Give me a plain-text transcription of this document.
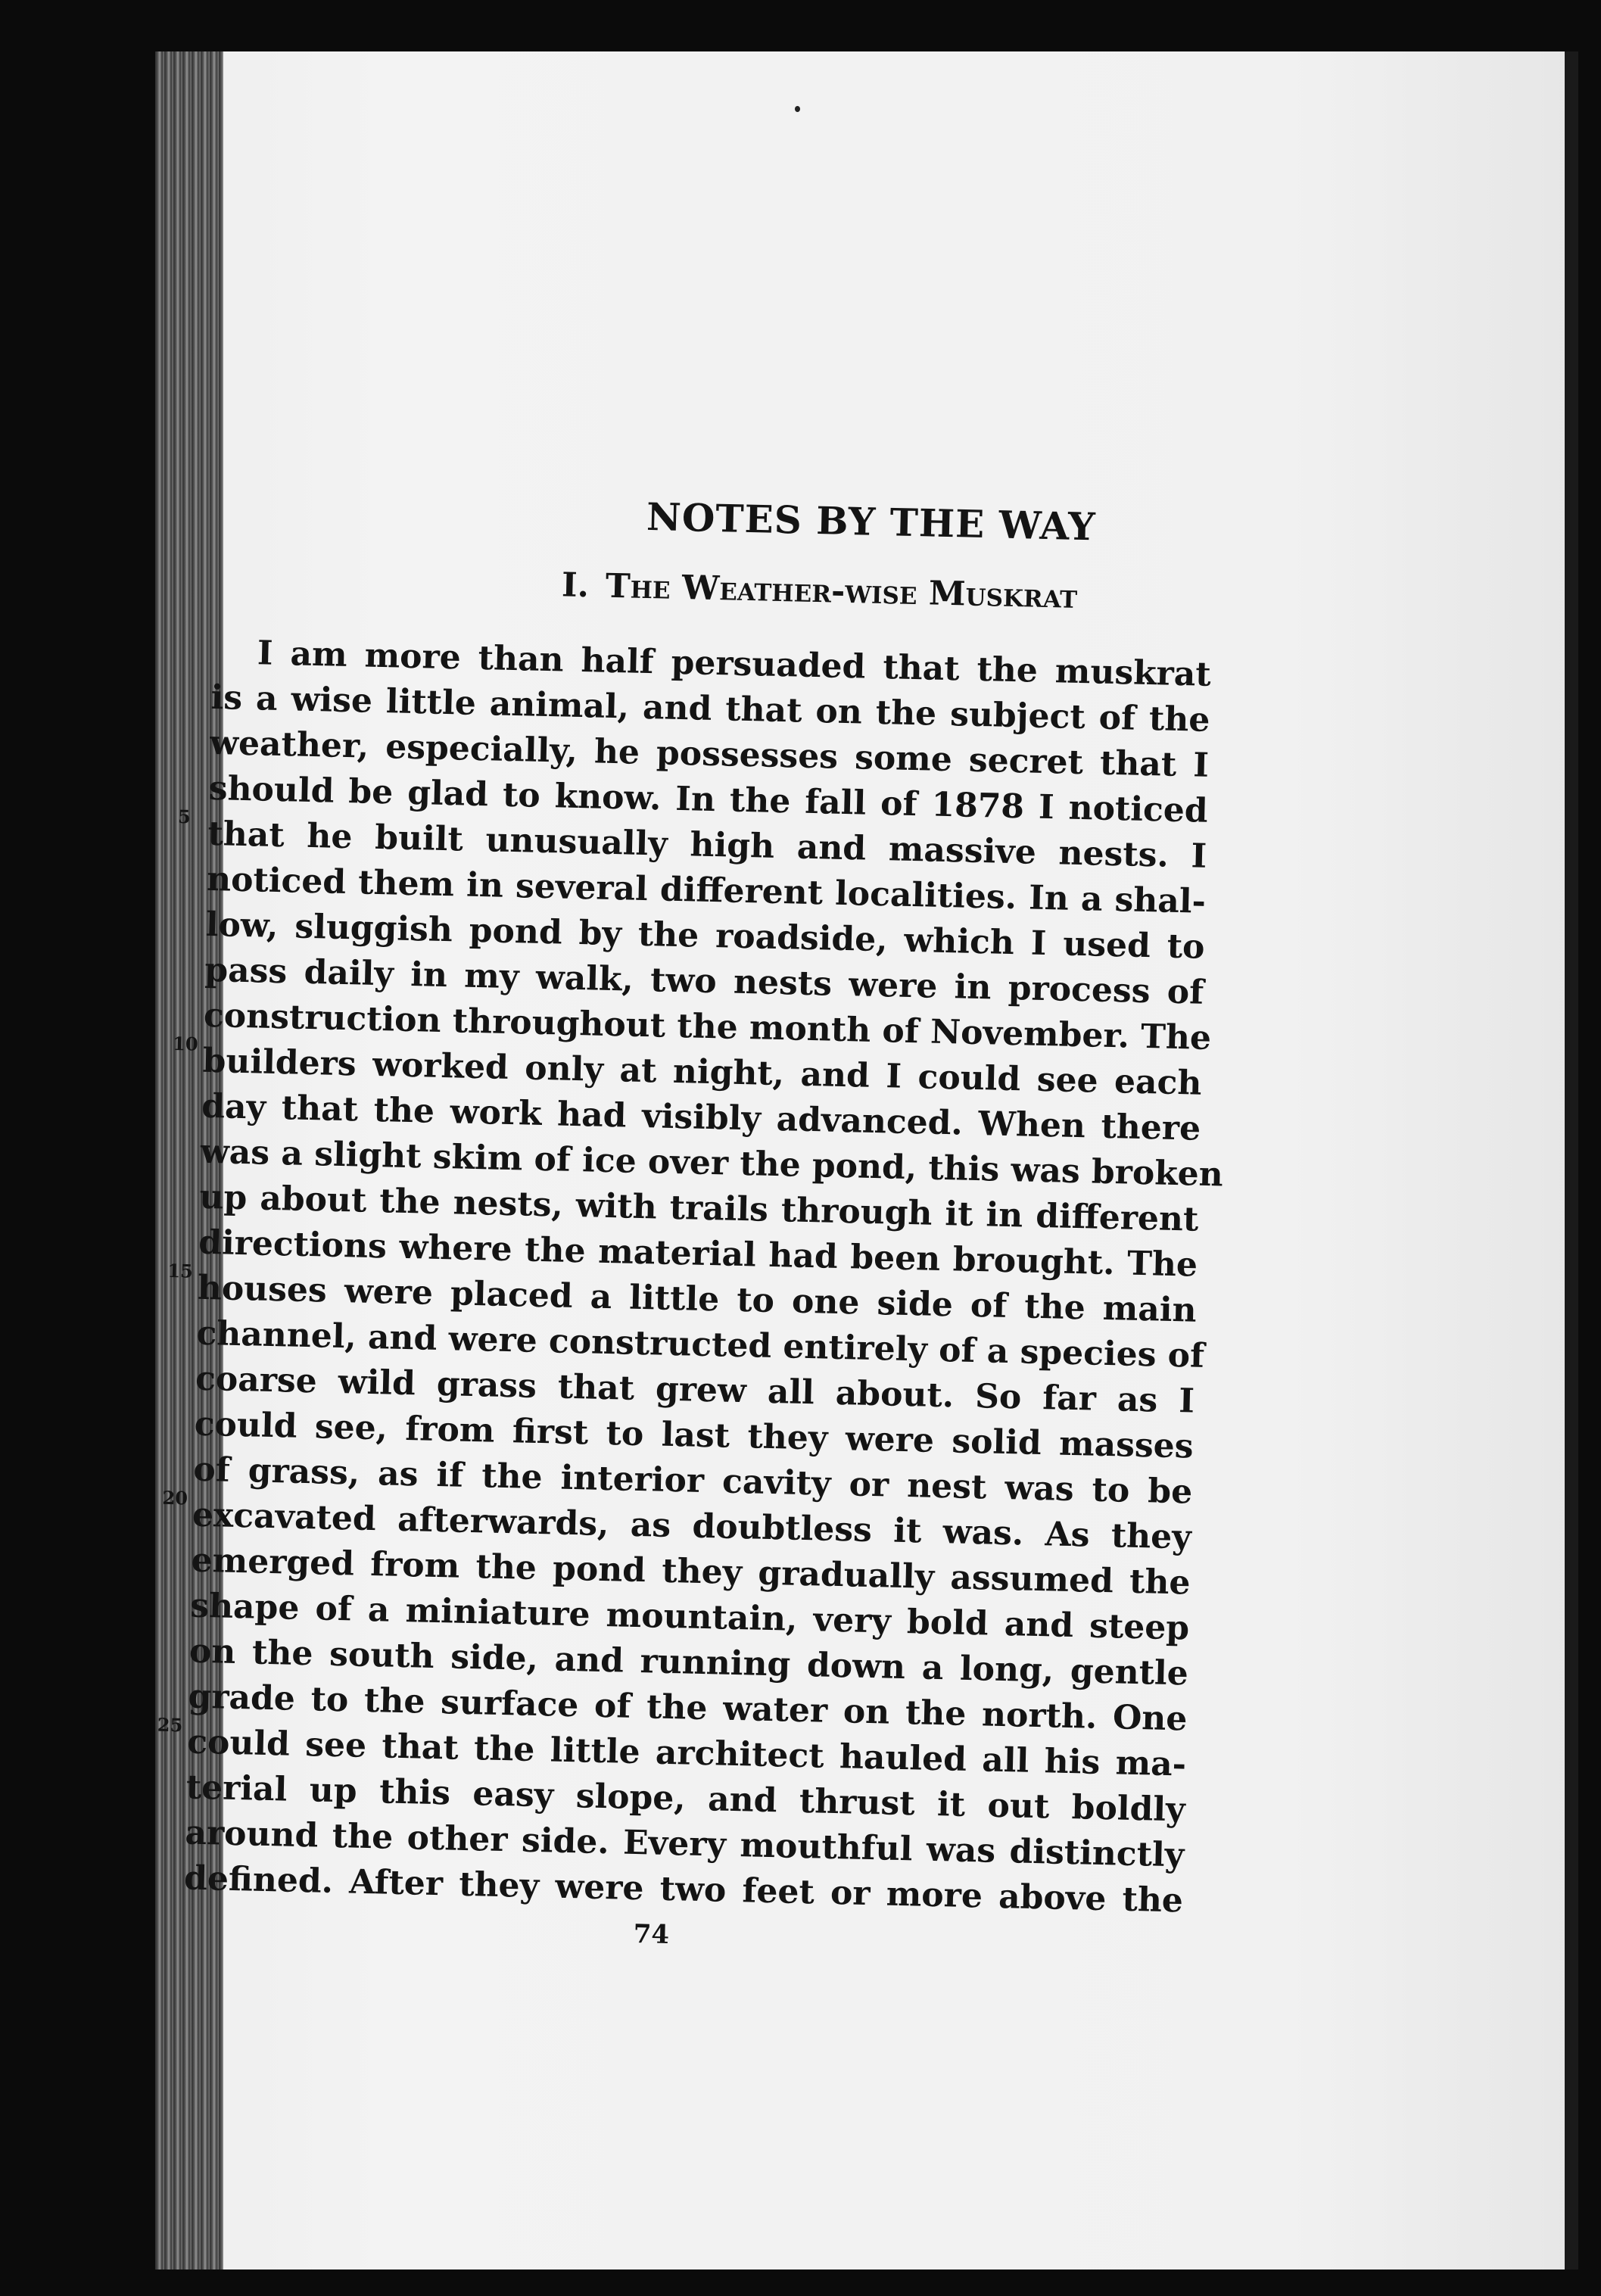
NOTES BY THE WAY
I. The Weather-wise Muskrat
I am more than half persuaded that the muskrat
is a wise little animal, and that on the subject of the
weather, especially, he possesses some secret that I
should be glad to know. In the fall of 1878 I noticed
5 that he built unusually high and massive nests. I
noticed them in several different localities. In a shal-
low, sluggish pond by the roadside, which I used to
pass daily in my walk, two nests were in process of
construction throughout the month of November. The
10 builders worked only at night, and I could see each
day that the work had visibly advanced. When there
was a slight skim of ice over the pond, this was broken
up about the nests, with trails through it in different
directions where the material had been brought. The
15 houses were placed a little to one side of the main
channel, and were constructed entirely of a species of
coarse wild grass that grew all about. So far as I
could see, from first to last they were solid masses
of grass, as if the interior cavity or nest was to be
20 excavated afterwards, as doubtless it was. As they
emerged from the pond they gradually assumed the
shape of a miniature mountain, very bold and steep
on the south side, and running down a long, gentle
grade to the surface of the water on the north. One
25 could see that the little architect hauled all his ma-
terial up this easy slope, and thrust it out boldly
around the other side. Every mouthful was distinctly
defined. After they were two feet or more above the
74
